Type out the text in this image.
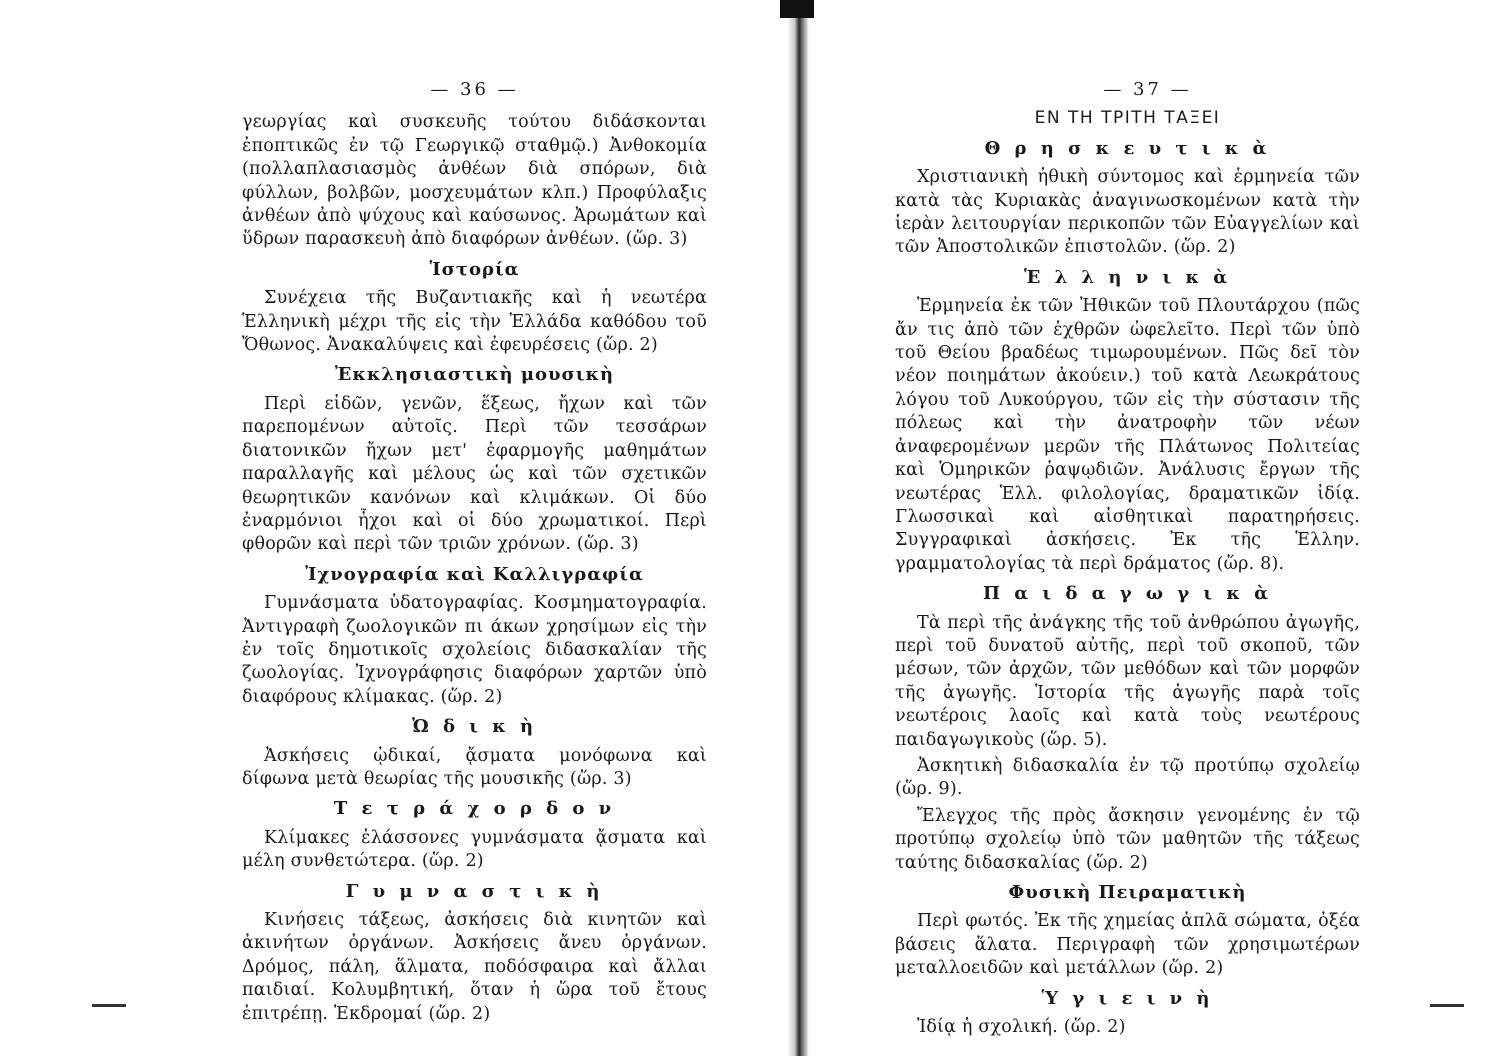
— 36 —

γεωργίας καὶ συσκευῆς τούτου διδάσκονται ἐποπτικῶς ἐν τῷ Γεωργικῷ σταθμῷ.) Ἀνθοκομία (πολλαπλασιασμὸς ἀνθέων διὰ σπόρων, διὰ φύλλων, βολβῶν, μοσχευμάτων κλπ.) Προφύλαξις ἀνθέων ἀπὸ ψύχους καὶ καύσωνος. Ἀρωμάτων καὶ ὕδρων παρασκευὴ ἀπὸ διαφόρων ἀνθέων. (ὥρ. 3)

Ἱστορία

Συνέχεια τῆς Βυζαντιακῆς καὶ ἡ νεωτέρα Ἑλληνικὴ μέχρι τῆς εἰς τὴν Ἑλλάδα καθόδου τοῦ Ὄθωνος. Ἀνακαλύψεις καὶ ἐφευρέσεις (ὥρ. 2)

Ἐκκλησιαστικὴ μουσικὴ

Περὶ εἰδῶν, γενῶν, ἕξεως, ἤχων καὶ τῶν παρεπομένων αὐτοῖς. Περὶ τῶν τεσσάρων διατονικῶν ἤχων μετ' ἐφαρμογῆς μαθημάτων παραλλαγῆς καὶ μέλους ὡς καὶ τῶν σχετικῶν θεωρητικῶν κανόνων καὶ κλιμάκων. Οἱ δύο ἐναρμόνιοι ἦχοι καὶ οἱ δύο χρωματικοί. Περὶ φθορῶν καὶ περὶ τῶν τριῶν χρόνων. (ὥρ. 3)

Ἰχνογραφία καὶ Καλλιγραφία

Γυμνάσματα ὑδατογραφίας. Κοσμηματογραφία. Ἀντιγραφὴ ζωολογικῶν πι άκων χρησίμων εἰς τὴν ἐν τοῖς δημοτικοῖς σχολείοις διδασκαλίαν τῆς ζωολογίας. Ἰχνογράφησις διαφόρων χαρτῶν ὑπὸ διαφόρους κλίμακας. (ὥρ. 2)

Ὠ δ ι κ ὴ

Ἀσκήσεις ᾠδικαί, ᾄσματα μονόφωνα καὶ δίφωνα μετὰ θεωρίας τῆς μουσικῆς (ὥρ. 3)

Τ ε τ ρ ά χ ο ρ δ ο ν

Κλίμακες ἐλάσσονες γυμνάσματα ᾄσματα καὶ μέλη συνθετώτερα. (ὥρ. 2)

Γ υ μ ν α σ τ ι κ ὴ

Κινήσεις τάξεως, ἀσκήσεις διὰ κινητῶν καὶ ἀκινήτων ὀργάνων. Ἀσκήσεις ἄνευ ὀργάνων. Δρόμος, πάλη, ἅλματα, ποδόσφαιρα καὶ ἄλλαι παιδιαί. Κολυμβητική, ὅταν ἡ ὥρα τοῦ ἔτους ἐπιτρέπῃ. Ἐκδρομαί (ὥρ. 2)

— 37 —
ΕΝ ΤΗ ΤΡΙΤΗ ΤΑΞΕΙ
Θ ρ η σ κ ε υ τ ι κ ὰ

Χριστιανικὴ ἠθικὴ σύντομος καὶ ἑρμηνεία τῶν κατὰ τὰς Κυριακὰς ἀναγινωσκομένων κατὰ τὴν ἱερὰν λειτουργίαν περικοπῶν τῶν Εὐαγγελίων καὶ τῶν Ἀποστολικῶν ἐπιστολῶν. (ὥρ. 2)

Ἑ λ λ η ν ι κ ὰ

Ἑρμηνεία ἐκ τῶν Ἠθικῶν τοῦ Πλουτάρχου (πῶς ἄν τις ἀπὸ τῶν ἐχθρῶν ὠφελεῖτο. Περὶ τῶν ὑπὸ τοῦ Θείου βραδέως τιμωρουμένων. Πῶς δεῖ τὸν νέον ποιημάτων ἀκούειν.) τοῦ κατὰ Λεωκράτους λόγου τοῦ Λυκούργου, τῶν εἰς τὴν σύστασιν τῆς πόλεως καὶ τὴν ἀνατροφὴν τῶν νέων ἀναφερομένων μερῶν τῆς Πλάτωνος Πολιτείας καὶ Ὁμηρικῶν ῥαψῳδιῶν. Ἀνάλυσις ἔργων τῆς νεωτέρας Ἑλλ. φιλολογίας, δραματικῶν ἰδίᾳ. Γλωσσικαὶ καὶ αἰσθητικαὶ παρατηρήσεις. Συγγραφικαὶ ἀσκήσεις. Ἐκ τῆς Ἑλλην. γραμματολογίας τὰ περὶ δράματος (ὥρ. 8).

Π α ι δ α γ ω γ ι κ ὰ

Τὰ περὶ τῆς ἀνάγκης τῆς τοῦ ἀνθρώπου ἀγωγῆς, περὶ τοῦ δυνατοῦ αὐτῆς, περὶ τοῦ σκοποῦ, τῶν μέσων, τῶν ἀρχῶν, τῶν μεθόδων καὶ τῶν μορφῶν τῆς ἀγωγῆς. Ἱστορία τῆς ἀγωγῆς παρὰ τοῖς νεωτέροις λαοῖς καὶ κατὰ τοὺς νεωτέρους παιδαγωγικοὺς (ὥρ. 5).

Ἀσκητικὴ διδασκαλία ἐν τῷ προτύπῳ σχολείῳ (ὥρ. 9).

Ἔλεγχος τῆς πρὸς ἄσκησιν γενομένης ἐν τῷ προτύπῳ σχολείῳ ὑπὸ τῶν μαθητῶν τῆς τάξεως ταύτης διδασκαλίας (ὥρ. 2)

Φυσικὴ Πειραματικὴ

Περὶ φωτός. Ἐκ τῆς χημείας ἁπλᾶ σώματα, ὀξέα βάσεις ἅλατα. Περιγραφὴ τῶν χρησιμωτέρων μεταλλοειδῶν καὶ μετάλλων (ὥρ. 2)

Ὑ γ ι ε ι ν ὴ

Ἰδίᾳ ἡ σχολική. (ὥρ. 2)
